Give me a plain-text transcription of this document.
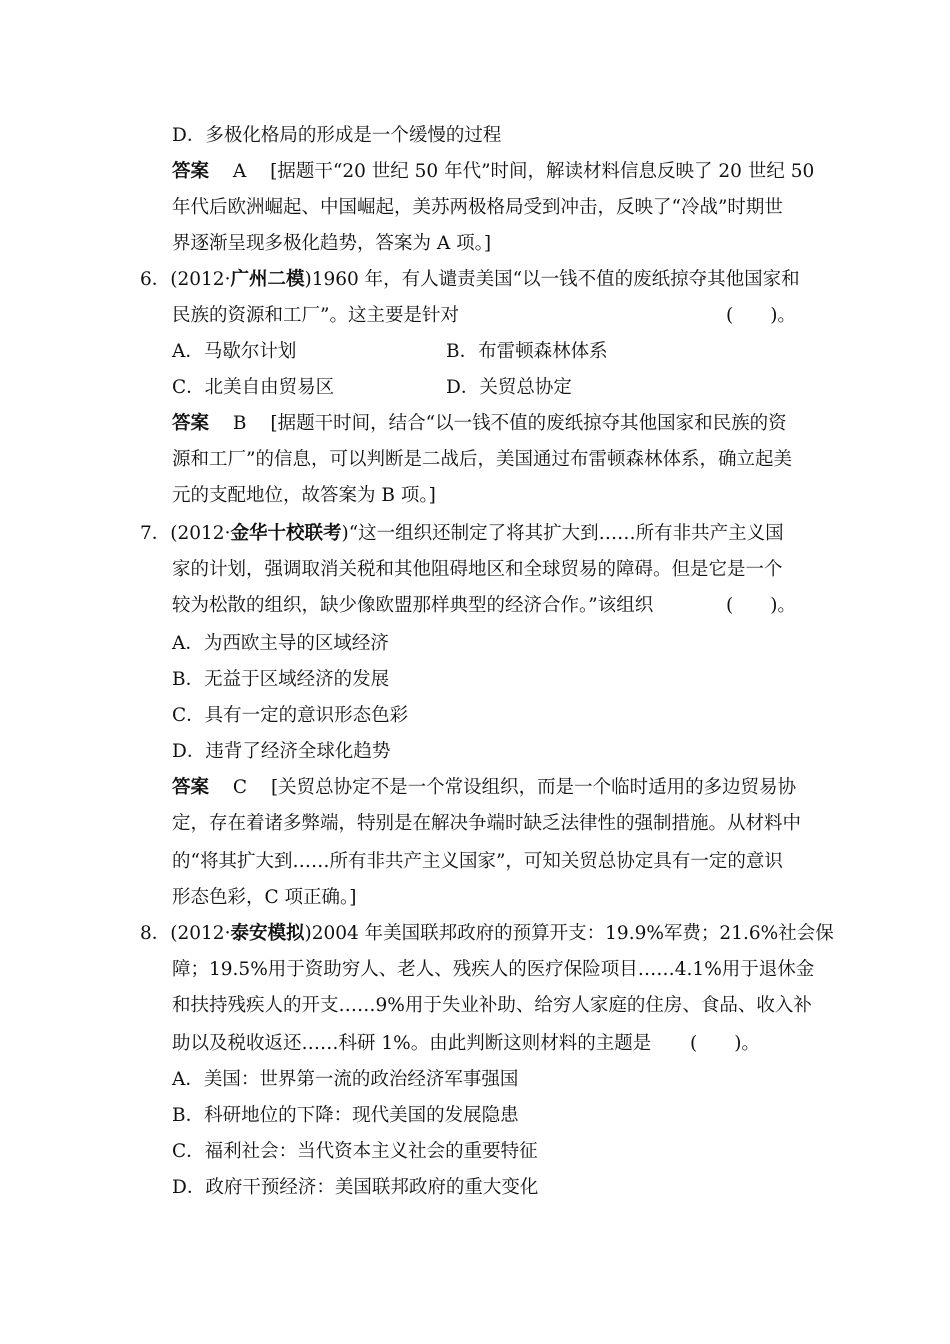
D．多极化格局的形成是一个缓慢的过程
答案 A [据题干“20 世纪 50 年代”时间，解读材料信息反映了 20 世纪 50
年代后欧洲崛起、中国崛起，美苏两极格局受到冲击，反映了“冷战”时期世
界逐渐呈现多极化趋势，答案为 A 项。]
6．(2012·广州二模)1960 年，有人谴责美国“以一钱不值的废纸掠夺其他国家和
民族的资源和工厂”。这主要是针对	(　　)。
A．马歇尔计划	B．布雷顿森林体系
C．北美自由贸易区	D．关贸总协定
答案 B [据题干时间，结合“以一钱不值的废纸掠夺其他国家和民族的资
源和工厂”的信息，可以判断是二战后，美国通过布雷顿森林体系，确立起美
元的支配地位，故答案为 B 项。]
7．(2012·金华十校联考)“这一组织还制定了将其扩大到……所有非共产主义国
家的计划，强调取消关税和其他阻碍地区和全球贸易的障碍。但是它是一个
较为松散的组织，缺少像欧盟那样典型的经济合作。”该组织	(　　)。
A．为西欧主导的区域经济
B．无益于区域经济的发展
C．具有一定的意识形态色彩
D．违背了经济全球化趋势
答案 C [关贸总协定不是一个常设组织，而是一个临时适用的多边贸易协
定，存在着诸多弊端，特别是在解决争端时缺乏法律性的强制措施。从材料中
的“将其扩大到……所有非共产主义国家”，可知关贸总协定具有一定的意识
形态色彩，C 项正确。]
8．(2012·泰安模拟)2004 年美国联邦政府的预算开支：19.9%军费；21.6%社会保
障；19.5%用于资助穷人、老人、残疾人的医疗保险项目……4.1%用于退休金
和扶持残疾人的开支……9%用于失业补助、给穷人家庭的住房、食品、收入补
助以及税收返还……科研 1%。由此判断这则材料的主题是 (　　)。
A．美国：世界第一流的政治经济军事强国
B．科研地位的下降：现代美国的发展隐患
C．福利社会：当代资本主义社会的重要特征
D．政府干预经济：美国联邦政府的重大变化
